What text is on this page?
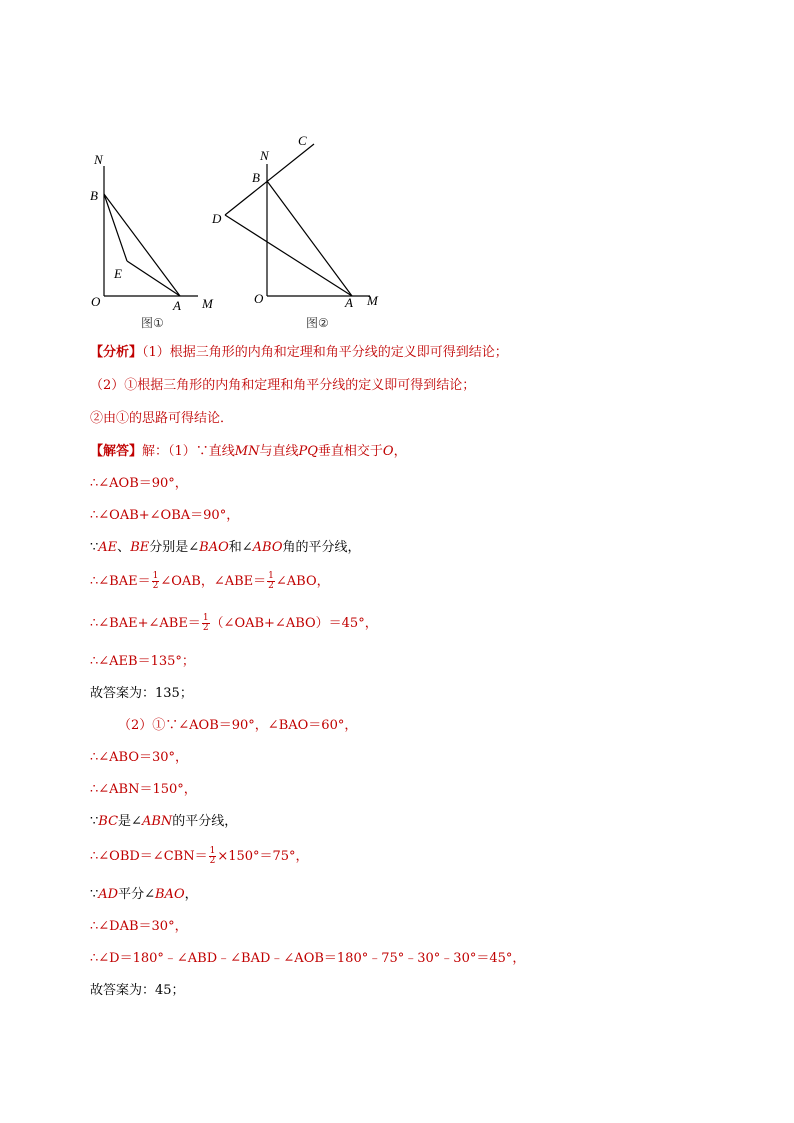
N
B
E
O	A M
图①
C
N
B
D
O	A M
图②
【分析】（1）根据三角形的内角和定理和角平分线的定义即可得到结论；
（2）①根据三角形的内角和定理和角平分线的定义即可得到结论；
②由①的思路可得结论．
【解答】解：（1）∵直线MN与直线PQ垂直相交于O，
∴∠AOB＝90°，
∴∠OAB+∠OBA＝90°，
∵AE、BE分别是∠BAO和∠ABO角的平分线，
∴∠BAE＝ $\frac{1}{2}$ ∠OAB，∠ABE＝ $\frac{1}{2}$ ∠ABO，
∴∠BAE+∠ABE＝ $\frac{1}{2}$ （∠OAB+∠ABO）＝45°，
∴∠AEB＝135°；
故答案为：135；
（2）①∵∠AOB＝90°，∠BAO＝60°，
∴∠ABO＝30°，
∴∠ABN＝150°，
∵BC是∠ABN的平分线，
∴∠OBD＝∠CBN＝ $\frac{1}{2} \times 150^\circ=75^\circ$，
∵AD平分∠BAO，
∴∠DAB＝30°，
∴∠D＝180°﹣∠ABD﹣∠BAD﹣∠AOB＝180°﹣75°﹣30°﹣30°＝45°，
故答案为：45；
